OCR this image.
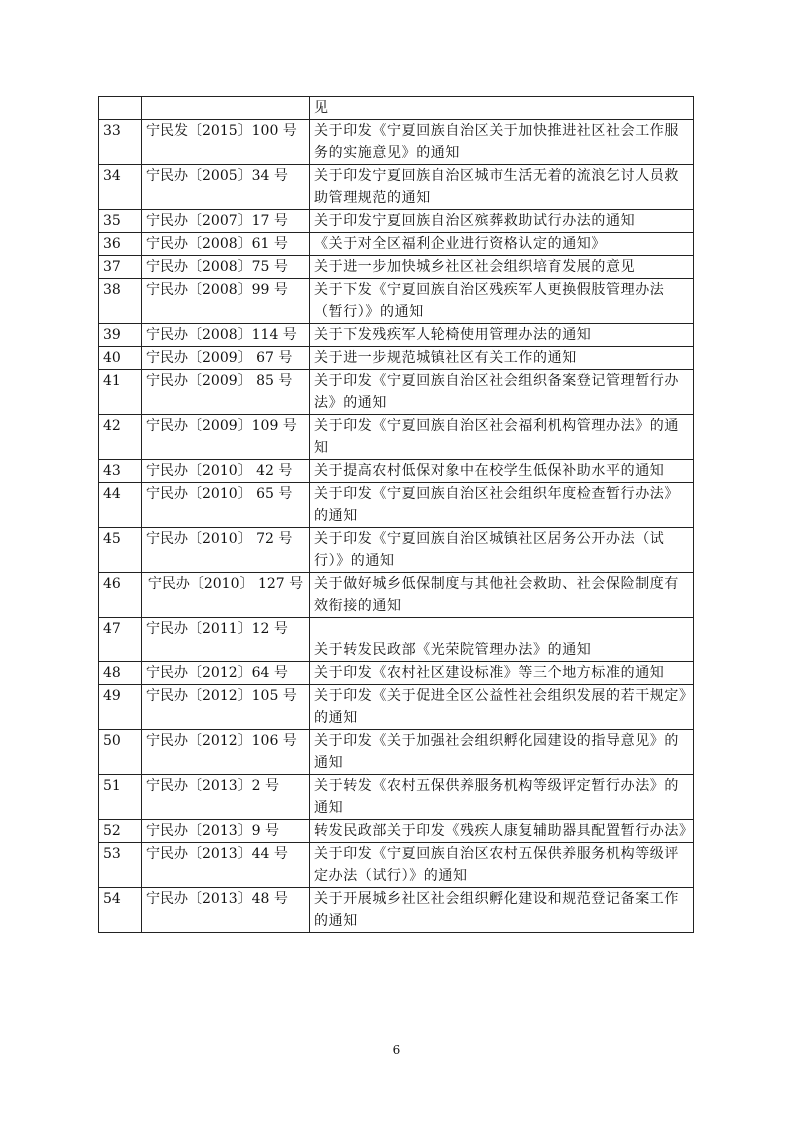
		见
33	宁民发〔2015〕100 号	关于印发《宁夏回族自治区关于加快推进社区社会工作服务的实施意见》的通知
34	宁民办〔2005〕34 号	关于印发宁夏回族自治区城市生活无着的流浪乞讨人员救助管理规范的通知
35	宁民办〔2007〕17 号	关于印发宁夏回族自治区殡葬救助试行办法的通知
36	宁民办〔2008〕61 号	《关于对全区福利企业进行资格认定的通知》
37	宁民办〔2008〕75 号	关于进一步加快城乡社区社会组织培育发展的意见
38	宁民办〔2008〕99 号	关于下发《宁夏回族自治区残疾军人更换假肢管理办法（暂行）》的通知
39	宁民办〔2008〕114 号	关于下发残疾军人轮椅使用管理办法的通知
40	宁民办〔2009〕 67 号	关于进一步规范城镇社区有关工作的通知
41	宁民办〔2009〕 85 号	关于印发《宁夏回族自治区社会组织备案登记管理暂行办法》的通知
42	宁民办〔2009〕109 号	关于印发《宁夏回族自治区社会福利机构管理办法》的通知
43	宁民办〔2010〕 42 号	关于提高农村低保对象中在校学生低保补助水平的通知
44	宁民办〔2010〕 65 号	关于印发《宁夏回族自治区社会组织年度检查暂行办法》的通知
45	宁民办〔2010〕 72 号	关于印发《宁夏回族自治区城镇社区居务公开办法（试行）》的通知
46	宁民办〔2010〕 127 号	关于做好城乡低保制度与其他社会救助、社会保险制度有效衔接的通知
47	宁民办〔2011〕12 号	关于转发民政部《光荣院管理办法》的通知
48	宁民办〔2012〕64 号	关于印发《农村社区建设标准》等三个地方标准的通知
49	宁民办〔2012〕105 号	关于印发《关于促进全区公益性社会组织发展的若干规定》的通知
50	宁民办〔2012〕106 号	关于印发《关于加强社会组织孵化园建设的指导意见》的通知
51	宁民办〔2013〕2 号	关于转发《农村五保供养服务机构等级评定暂行办法》的通知
52	宁民办〔2013〕9 号	转发民政部关于印发《残疾人康复辅助器具配置暂行办法》
53	宁民办〔2013〕44 号	关于印发《宁夏回族自治区农村五保供养服务机构等级评定办法（试行）》的通知
54	宁民办〔2013〕48 号	关于开展城乡社区社会组织孵化建设和规范登记备案工作的通知
6
